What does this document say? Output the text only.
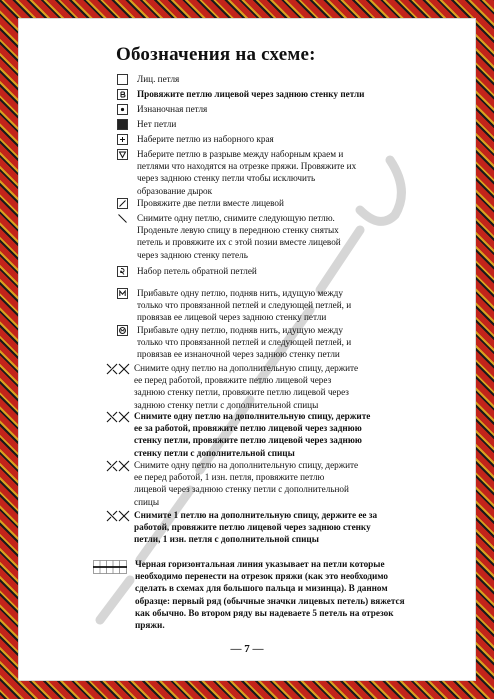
Обозначения на схеме:
Лиц. петля
Провяжите петлю лицевой через заднюю стенку петли
Изнаночная петля
Нет петли
Наберите петлю из наборного края
Наберите петлю в разрыве между наборным краем и
петлями что находятся на отрезке пряжи. Провяжите их
через заднюю стенку петли чтобы исключить
образование дырок
Провяжите две петли вместе лицевой
Снимите одну петлю, снимите следующую петлю.
Проденьте левую спицу в переднюю стенку снятых
петель и провяжите их с этой позии вместе лицевой
через заднюю стенку петель
Набор петель обратной петлей
Прибавьте одну петлю, подняв нить, идущую между
только что провязанной петлей и следующей петлей, и
провязав ее лицевой через заднюю стенку петли
Прибавьте одну петлю, подняв нить, идущую между
только что провязанной петлей и следующей петлей, и
провязав ее изнаночной через заднюю стенку петли
Снимите одну петлю на дополнительную спицу, держите
ее перед работой, провяжите петлю лицевой через
заднюю стенку петли, провяжите петлю лицевой через
заднюю стенку петли с дополнительной спицы
Снимите одну петлю на дополнительную спицу, держите
ее за работой, провяжите петлю лицевой через заднюю
стенку петли, провяжите петлю лицевой через заднюю
стенку петли с дополнительной спицы
Снимите одну петлю на дополнительную спицу, держите
ее перед работой, 1 изн. петля, провяжите петлю
лицевой через заднюю стенку петли с дополнительной
спицы
Снимите 1 петлю на дополнительную спицу, держите ее за
работой, провяжите петлю лицевой через заднюю стенку
петли, 1 изн. петля с дополнительной спицы
Черная горизонтальная линия указывает на петли которые
необходимо перенести на отрезок пряжи (как это необходимо
сделать в схемах для большого пальца и мизинца). В данном
образце: первый ряд (обычные значки лицевых петель) вяжется
как обычно. Во втором ряду вы надеваете 5 петель на отрезок
пряжи.
— 7 —
